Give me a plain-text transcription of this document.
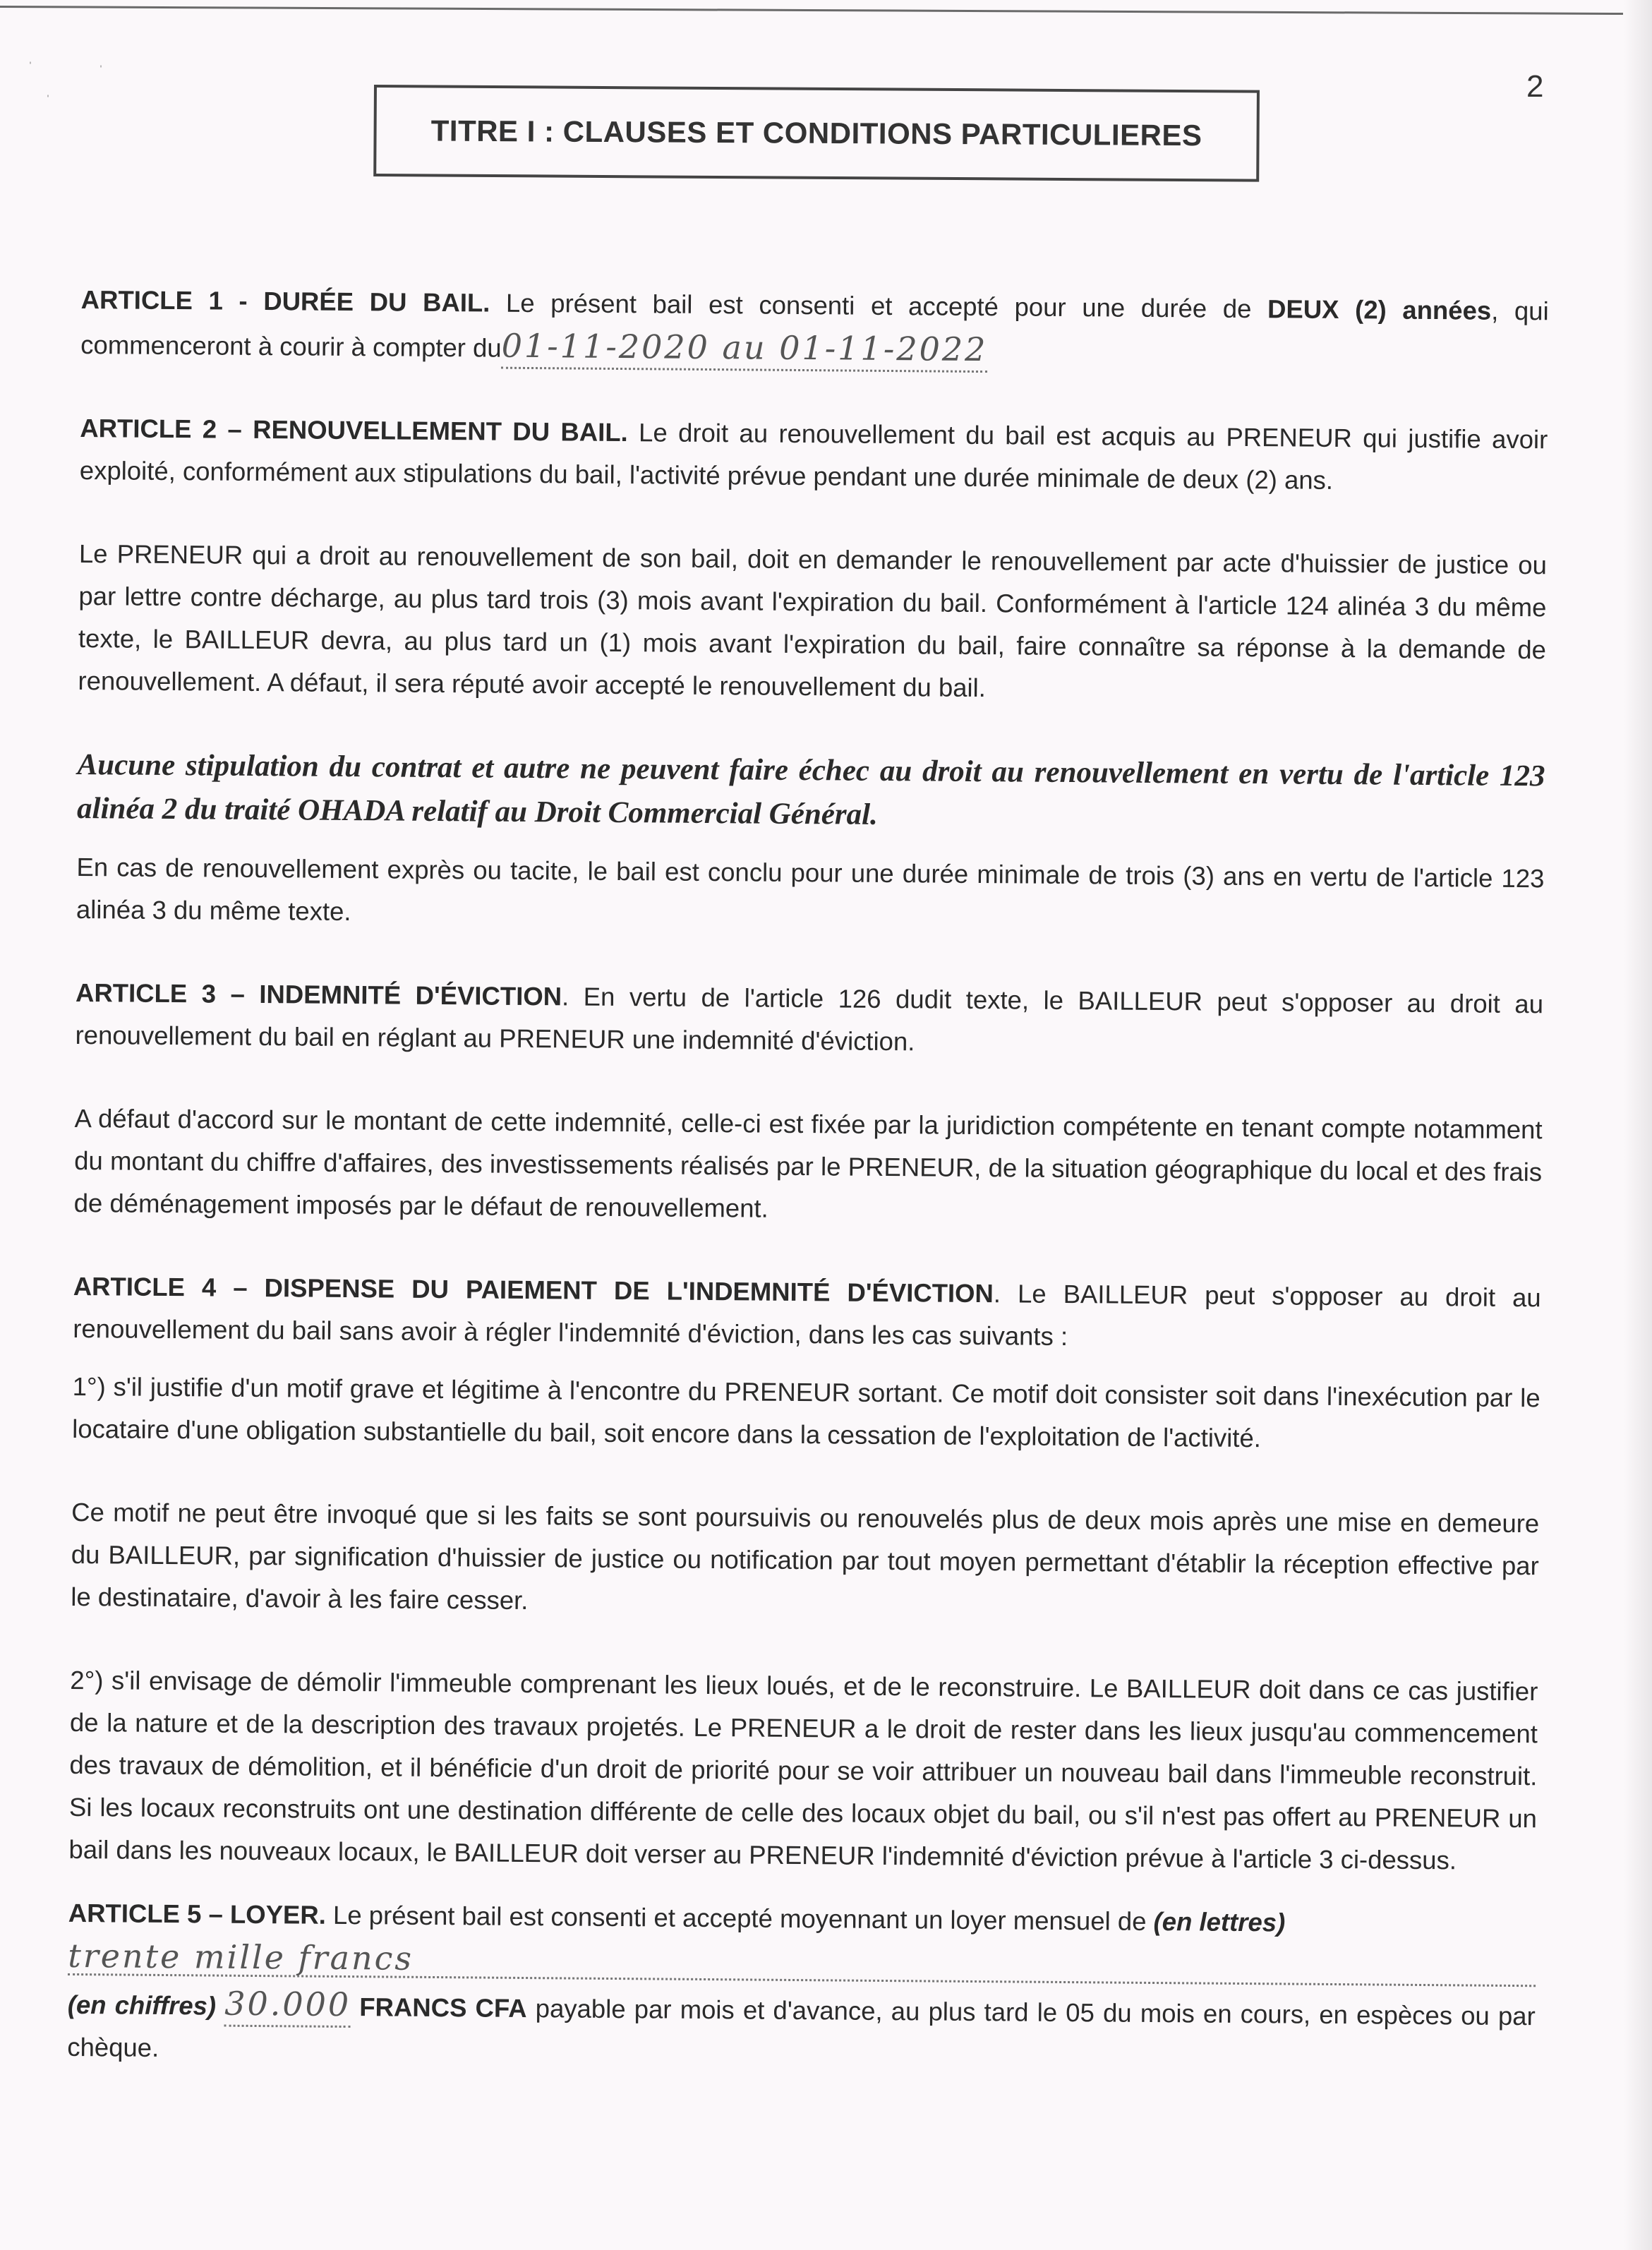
ˈ	ˈ
ˌ	2
TITRE I : CLAUSES ET CONDITIONS PARTICULIERES

ARTICLE 1 - DURÉE DU BAIL. Le présent bail est consenti et accepté pour une durée de DEUX (2) années, qui commenceront à courir à compter du01-11-2020 au 01-11-2022

ARTICLE 2 – RENOUVELLEMENT DU BAIL. Le droit au renouvellement du bail est acquis au PRENEUR qui justifie avoir exploité, conformément aux stipulations du bail, l'activité prévue pendant une durée minimale de deux (2) ans.

Le PRENEUR qui a droit au renouvellement de son bail, doit en demander le renouvellement par acte d'huissier de justice ou par lettre contre décharge, au plus tard trois (3) mois avant l'expiration du bail. Conformément à l'article 124 alinéa 3 du même texte, le BAILLEUR devra, au plus tard un (1) mois avant l'expiration du bail, faire connaître sa réponse à la demande de renouvellement. A défaut, il sera réputé avoir accepté le renouvellement du bail.

Aucune stipulation du contrat et autre ne peuvent faire échec au droit au renouvellement en vertu de l'article 123 alinéa 2 du traité OHADA relatif au Droit Commercial Général.

En cas de renouvellement exprès ou tacite, le bail est conclu pour une durée minimale de trois (3) ans en vertu de l'article 123 alinéa 3 du même texte.

ARTICLE 3 – INDEMNITÉ D'ÉVICTION. En vertu de l'article 126 dudit texte, le BAILLEUR peut s'opposer au droit au renouvellement du bail en réglant au PRENEUR une indemnité d'éviction.

A défaut d'accord sur le montant de cette indemnité, celle-ci est fixée par la juridiction compétente en tenant compte notamment du montant du chiffre d'affaires, des investissements réalisés par le PRENEUR, de la situation géographique du local et des frais de déménagement imposés par le défaut de renouvellement.

ARTICLE 4 – DISPENSE DU PAIEMENT DE L'INDEMNITÉ D'ÉVICTION. Le BAILLEUR peut s'opposer au droit au renouvellement du bail sans avoir à régler l'indemnité d'éviction, dans les cas suivants :

1°) s'il justifie d'un motif grave et légitime à l'encontre du PRENEUR sortant. Ce motif doit consister soit dans l'inexécution par le locataire d'une obligation substantielle du bail, soit encore dans la cessation de l'exploitation de l'activité.

Ce motif ne peut être invoqué que si les faits se sont poursuivis ou renouvelés plus de deux mois après une mise en demeure du BAILLEUR, par signification d'huissier de justice ou notification par tout moyen permettant d'établir la réception effective par le destinataire, d'avoir à les faire cesser.

2°) s'il envisage de démolir l'immeuble comprenant les lieux loués, et de le reconstruire. Le BAILLEUR doit dans ce cas justifier de la nature et de la description des travaux projetés. Le PRENEUR a le droit de rester dans les lieux jusqu'au commencement des travaux de démolition, et il bénéficie d'un droit de priorité pour se voir attribuer un nouveau bail dans l'immeuble reconstruit. Si les locaux reconstruits ont une destination différente de celle des locaux objet du bail, ou s'il n'est pas offert au PRENEUR un bail dans les nouveaux locaux, le BAILLEUR doit verser au PRENEUR l'indemnité d'éviction prévue à l'article 3 ci-dessus.

ARTICLE 5 – LOYER. Le présent bail est consenti et accepté moyennant un loyer mensuel de (en lettres)
trente mille francs
(en chiffres) 30.000 FRANCS CFA payable par mois et d'avance, au plus tard le 05 du mois en cours, en espèces ou par chèque.
